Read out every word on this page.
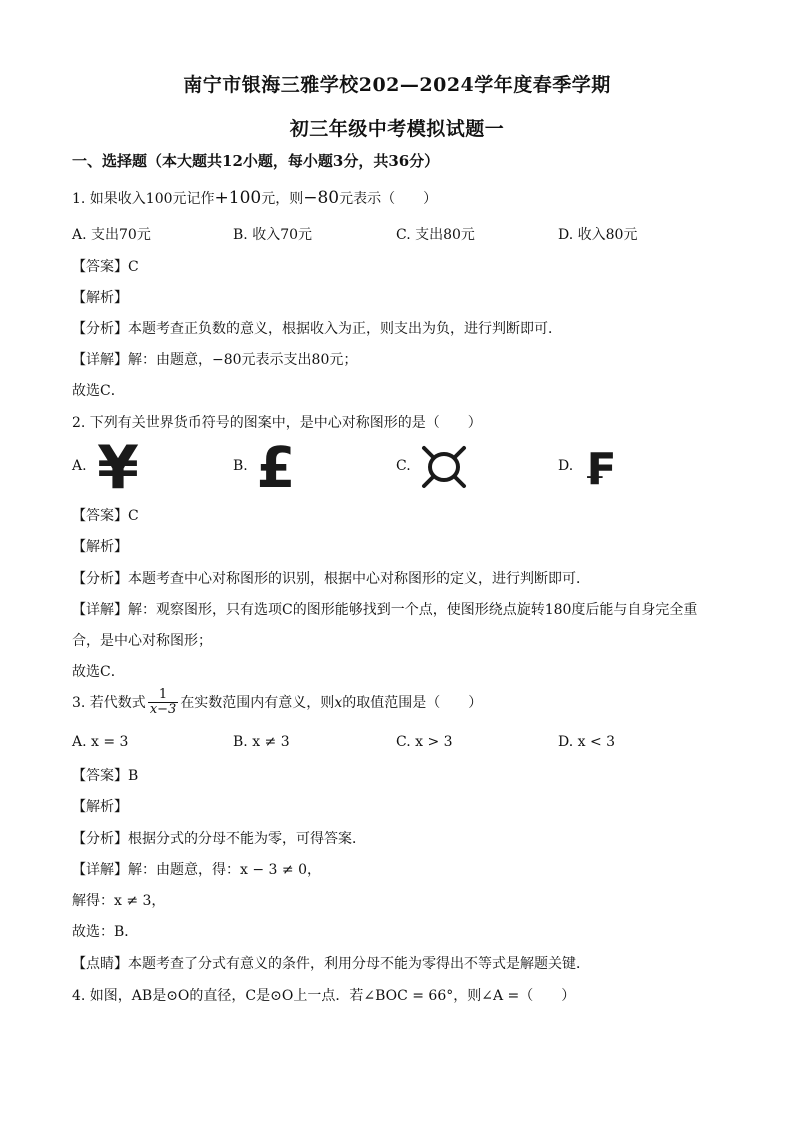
南宁市银海三雅学校202—2024学年度春季学期
初三年级中考模拟试题一
一、选择题（本大题共12小题，每小题3分，共36分）
1. 如果收入100元记作+100元，则−80元表示（　　）
A. 支出70元	B. 收入70元	C. 支出80元	D. 收入80元
【答案】C
【解析】
【分析】本题考查正负数的意义，根据收入为正，则支出为负，进行判断即可．
【详解】解：由题意，−80元表示支出80元；
故选C．
2. 下列有关世界货币符号的图案中，是中心对称图形的是（　　）
A. ¥	B. £	C.	D. ₣
【答案】C
【解析】
【分析】本题考查中心对称图形的识别，根据中心对称图形的定义，进行判断即可．
【详解】解：观察图形，只有选项C的图形能够找到一个点，使图形绕点旋转180度后能与自身完全重
合，是中心对称图形；
故选C．
3. 若代数式 $\frac{1}{x-3}$ 在实数范围内有意义，则x的取值范围是（　　）
A. x = 3	B. x ≠ 3	C. x > 3	D. x < 3
【答案】B
【解析】
【分析】根据分式的分母不能为零，可得答案．
【详解】解：由题意，得：x − 3 ≠ 0，
解得：x ≠ 3，
故选：B．
【点睛】本题考查了分式有意义的条件，利用分母不能为零得出不等式是解题关键．
4. 如图，AB是⊙O的直径，C是⊙O上一点．若∠BOC = 66°，则∠A =（　　）
